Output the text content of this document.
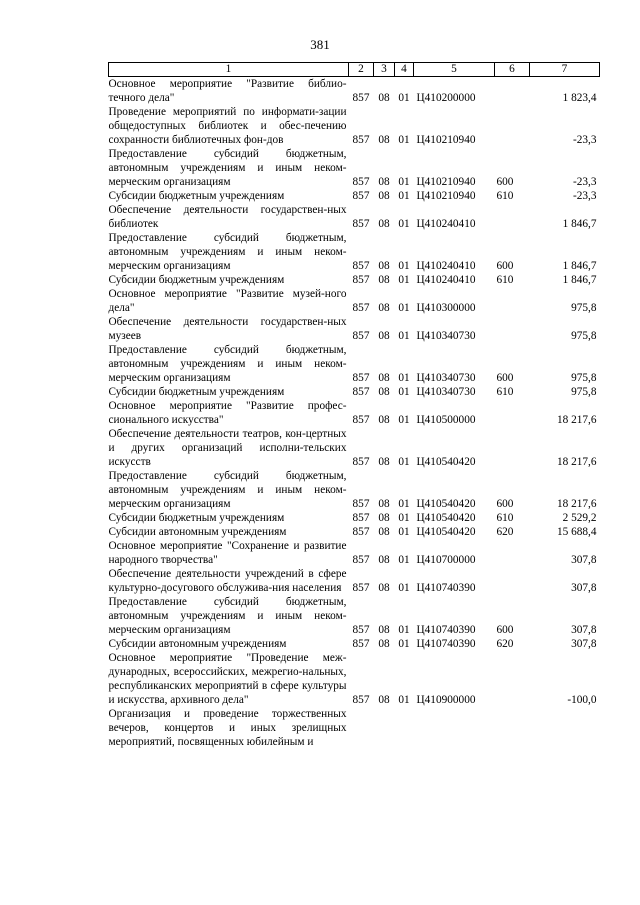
381
1	2	3	4	5	6	7
Основное мероприятие "Развитие библио-течного дела"	857	08	01	Ц410200000		1 823,4
Проведение мероприятий по информати-зации общедоступных библиотек и обес-печению сохранности библиотечных фон-дов	857	08	01	Ц410210940		-23,3
Предоставление субсидий бюджетным, автономным учреждениям и иным неком-мерческим организациям	857	08	01	Ц410210940	600	-23,3
Субсидии бюджетным учреждениям	857	08	01	Ц410210940	610	-23,3
Обеспечение деятельности государствен-ных библиотек	857	08	01	Ц410240410		1 846,7
Предоставление субсидий бюджетным, автономным учреждениям и иным неком-мерческим организациям	857	08	01	Ц410240410	600	1 846,7
Субсидии бюджетным учреждениям	857	08	01	Ц410240410	610	1 846,7
Основное мероприятие "Развитие музей-ного дела"	857	08	01	Ц410300000		975,8
Обеспечение деятельности государствен-ных музеев	857	08	01	Ц410340730		975,8
Предоставление субсидий бюджетным, автономным учреждениям и иным неком-мерческим организациям	857	08	01	Ц410340730	600	975,8
Субсидии бюджетным учреждениям	857	08	01	Ц410340730	610	975,8
Основное мероприятие "Развитие профес-сионального искусства"	857	08	01	Ц410500000		18 217,6
Обеспечение деятельности театров, кон-цертных и других организаций исполни-тельских искусств	857	08	01	Ц410540420		18 217,6
Предоставление субсидий бюджетным, автономным учреждениям и иным неком-мерческим организациям	857	08	01	Ц410540420	600	18 217,6
Субсидии бюджетным учреждениям	857	08	01	Ц410540420	610	2 529,2
Субсидии автономным учреждениям	857	08	01	Ц410540420	620	15 688,4
Основное мероприятие "Сохранение и развитие народного творчества"	857	08	01	Ц410700000		307,8
Обеспечение деятельности учреждений в сфере культурно-досугового обслужива-ния населения	857	08	01	Ц410740390		307,8
Предоставление субсидий бюджетным, автономным учреждениям и иным неком-мерческим организациям	857	08	01	Ц410740390	600	307,8
Субсидии автономным учреждениям	857	08	01	Ц410740390	620	307,8
Основное мероприятие "Проведение меж-дународных, всероссийских, межрегио-нальных, республиканских мероприятий в сфере культуры и искусства, архивного дела"	857	08	01	Ц410900000		-100,0
Организация и проведение торжественных вечеров, концертов и иных зрелищных мероприятий, посвященных юбилейным и						
